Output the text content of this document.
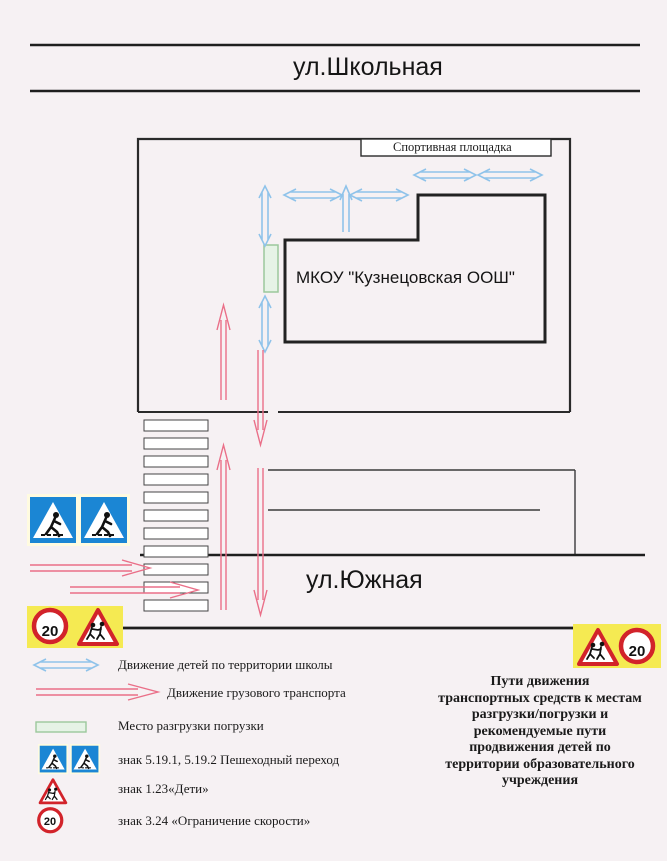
20
20
20
ул.Школьная
ул.Южная
МКОУ "Кузнецовская ООШ"
Спортивная площадка
Движение детей по территории школы
Движение грузового транспорта
Место разгрузки погрузки
знак 5.19.1, 5.19.2 Пешеходный переход
знак 1.23«Дети»
знак 3.24 «Ограничение скорости»
Пути движения
транспортных средств к местам
разгрузки/погрузки и
рекомендуемые пути
продвижения детей по
территории образовательного
учреждения
